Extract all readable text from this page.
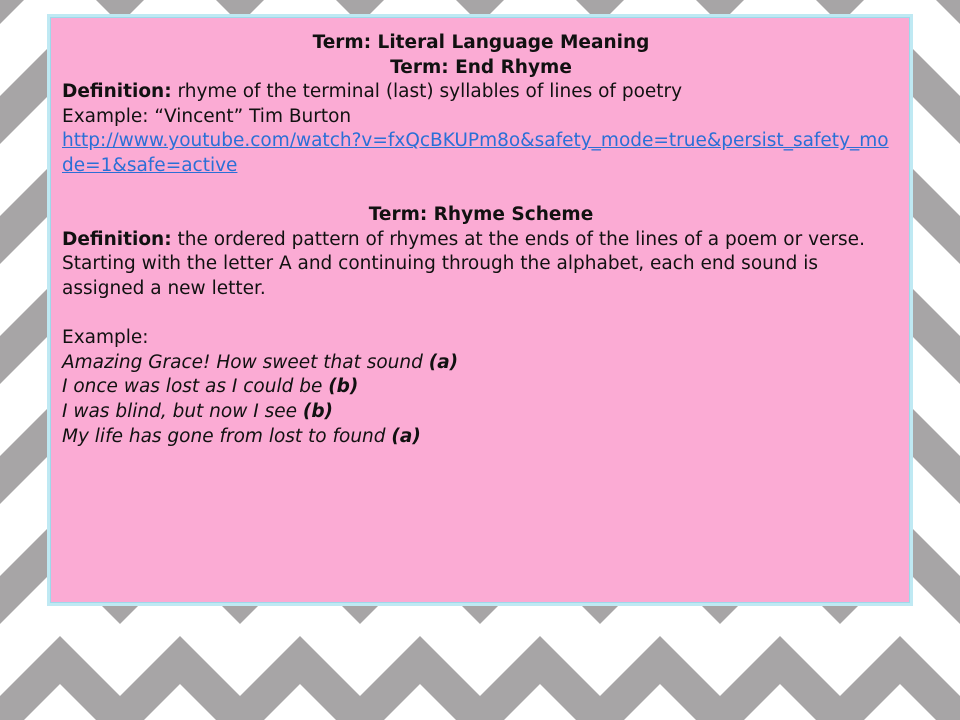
Term: Literal Language Meaning

Term: End Rhyme

Definition: rhyme of the terminal (last) syllables of lines of poetry

Example: “Vincent” Tim Burton

http://www.youtube.com/watch?v=fxQcBKUPm8o&safety_mode=true&persist_safety_mode=1&safe=active

Term: Rhyme Scheme

Definition: the ordered pattern of rhymes at the ends of the lines of a poem or verse. Starting with the letter A and continuing through the alphabet, each end sound is assigned a new letter.

Example:

Amazing Grace! How sweet that sound (a)

I once was lost as I could be (b)

I was blind, but now I see (b)

My life has gone from lost to found (a)
